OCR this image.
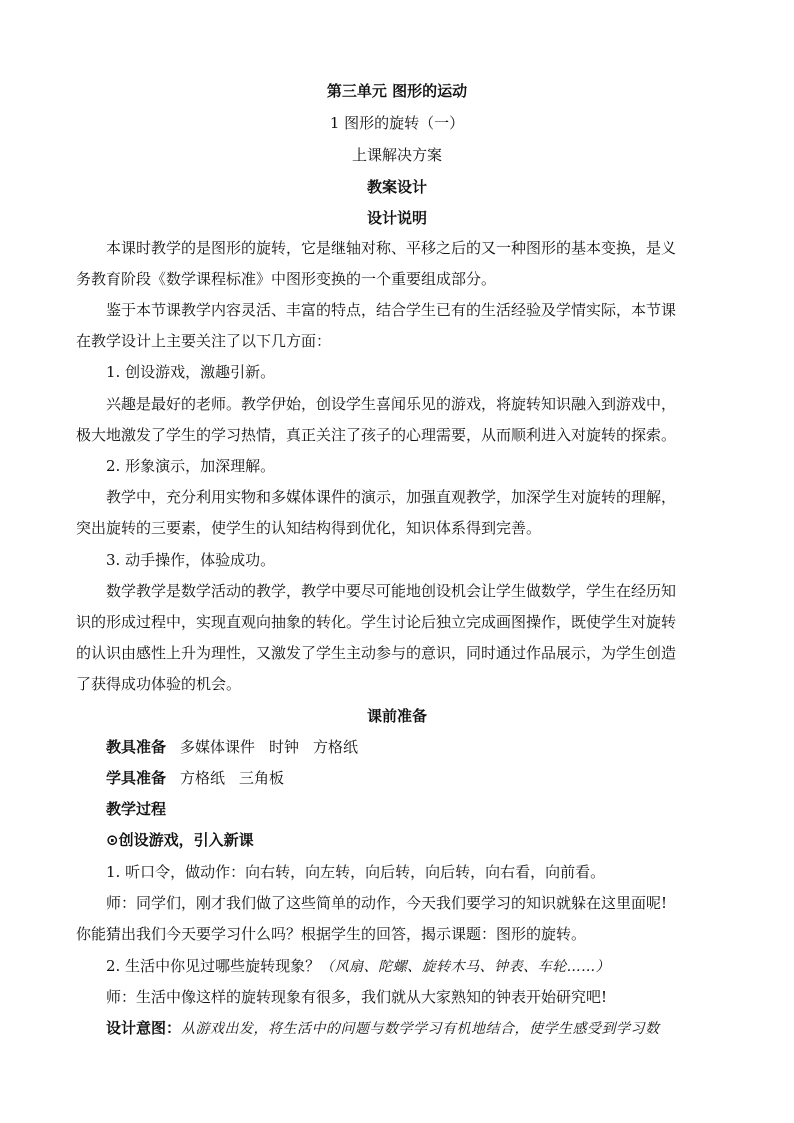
第三单元 图形的运动
1 图形的旋转（一）
上课解决方案
教案设计
设计说明
本课时教学的是图形的旋转，它是继轴对称、平移之后的又一种图形的基本变换，是义
务教育阶段《数学课程标准》中图形变换的一个重要组成部分。
鉴于本节课教学内容灵活、丰富的特点，结合学生已有的生活经验及学情实际，本节课
在教学设计上主要关注了以下几方面：
1. 创设游戏，激趣引新。
兴趣是最好的老师。教学伊始，创设学生喜闻乐见的游戏，将旋转知识融入到游戏中，
极大地激发了学生的学习热情，真正关注了孩子的心理需要，从而顺利进入对旋转的探索。
2. 形象演示，加深理解。
教学中，充分利用实物和多媒体课件的演示，加强直观教学，加深学生对旋转的理解，
突出旋转的三要素，使学生的认知结构得到优化，知识体系得到完善。
3. 动手操作，体验成功。
数学教学是数学活动的教学，教学中要尽可能地创设机会让学生做数学，学生在经历知
识的形成过程中，实现直观向抽象的转化。学生讨论后独立完成画图操作，既使学生对旋转
的认识由感性上升为理性，又激发了学生主动参与的意识，同时通过作品展示，为学生创造
了获得成功体验的机会。
课前准备
教具准备 多媒体课件 时钟 方格纸
学具准备 方格纸 三角板
教学过程
⊙创设游戏，引入新课
1. 听口令，做动作：向右转，向左转，向后转，向后转，向右看，向前看。
师：同学们，刚才我们做了这些简单的动作，今天我们要学习的知识就躲在这里面呢!
你能猜出我们今天要学习什么吗？根据学生的回答，揭示课题：图形的旋转。
2. 生活中你见过哪些旋转现象？（风扇、陀螺、旋转木马、钟表、车轮……）
师：生活中像这样的旋转现象有很多，我们就从大家熟知的钟表开始研究吧!
设计意图：从游戏出发，将生活中的问题与数学学习有机地结合，使学生感受到学习数
